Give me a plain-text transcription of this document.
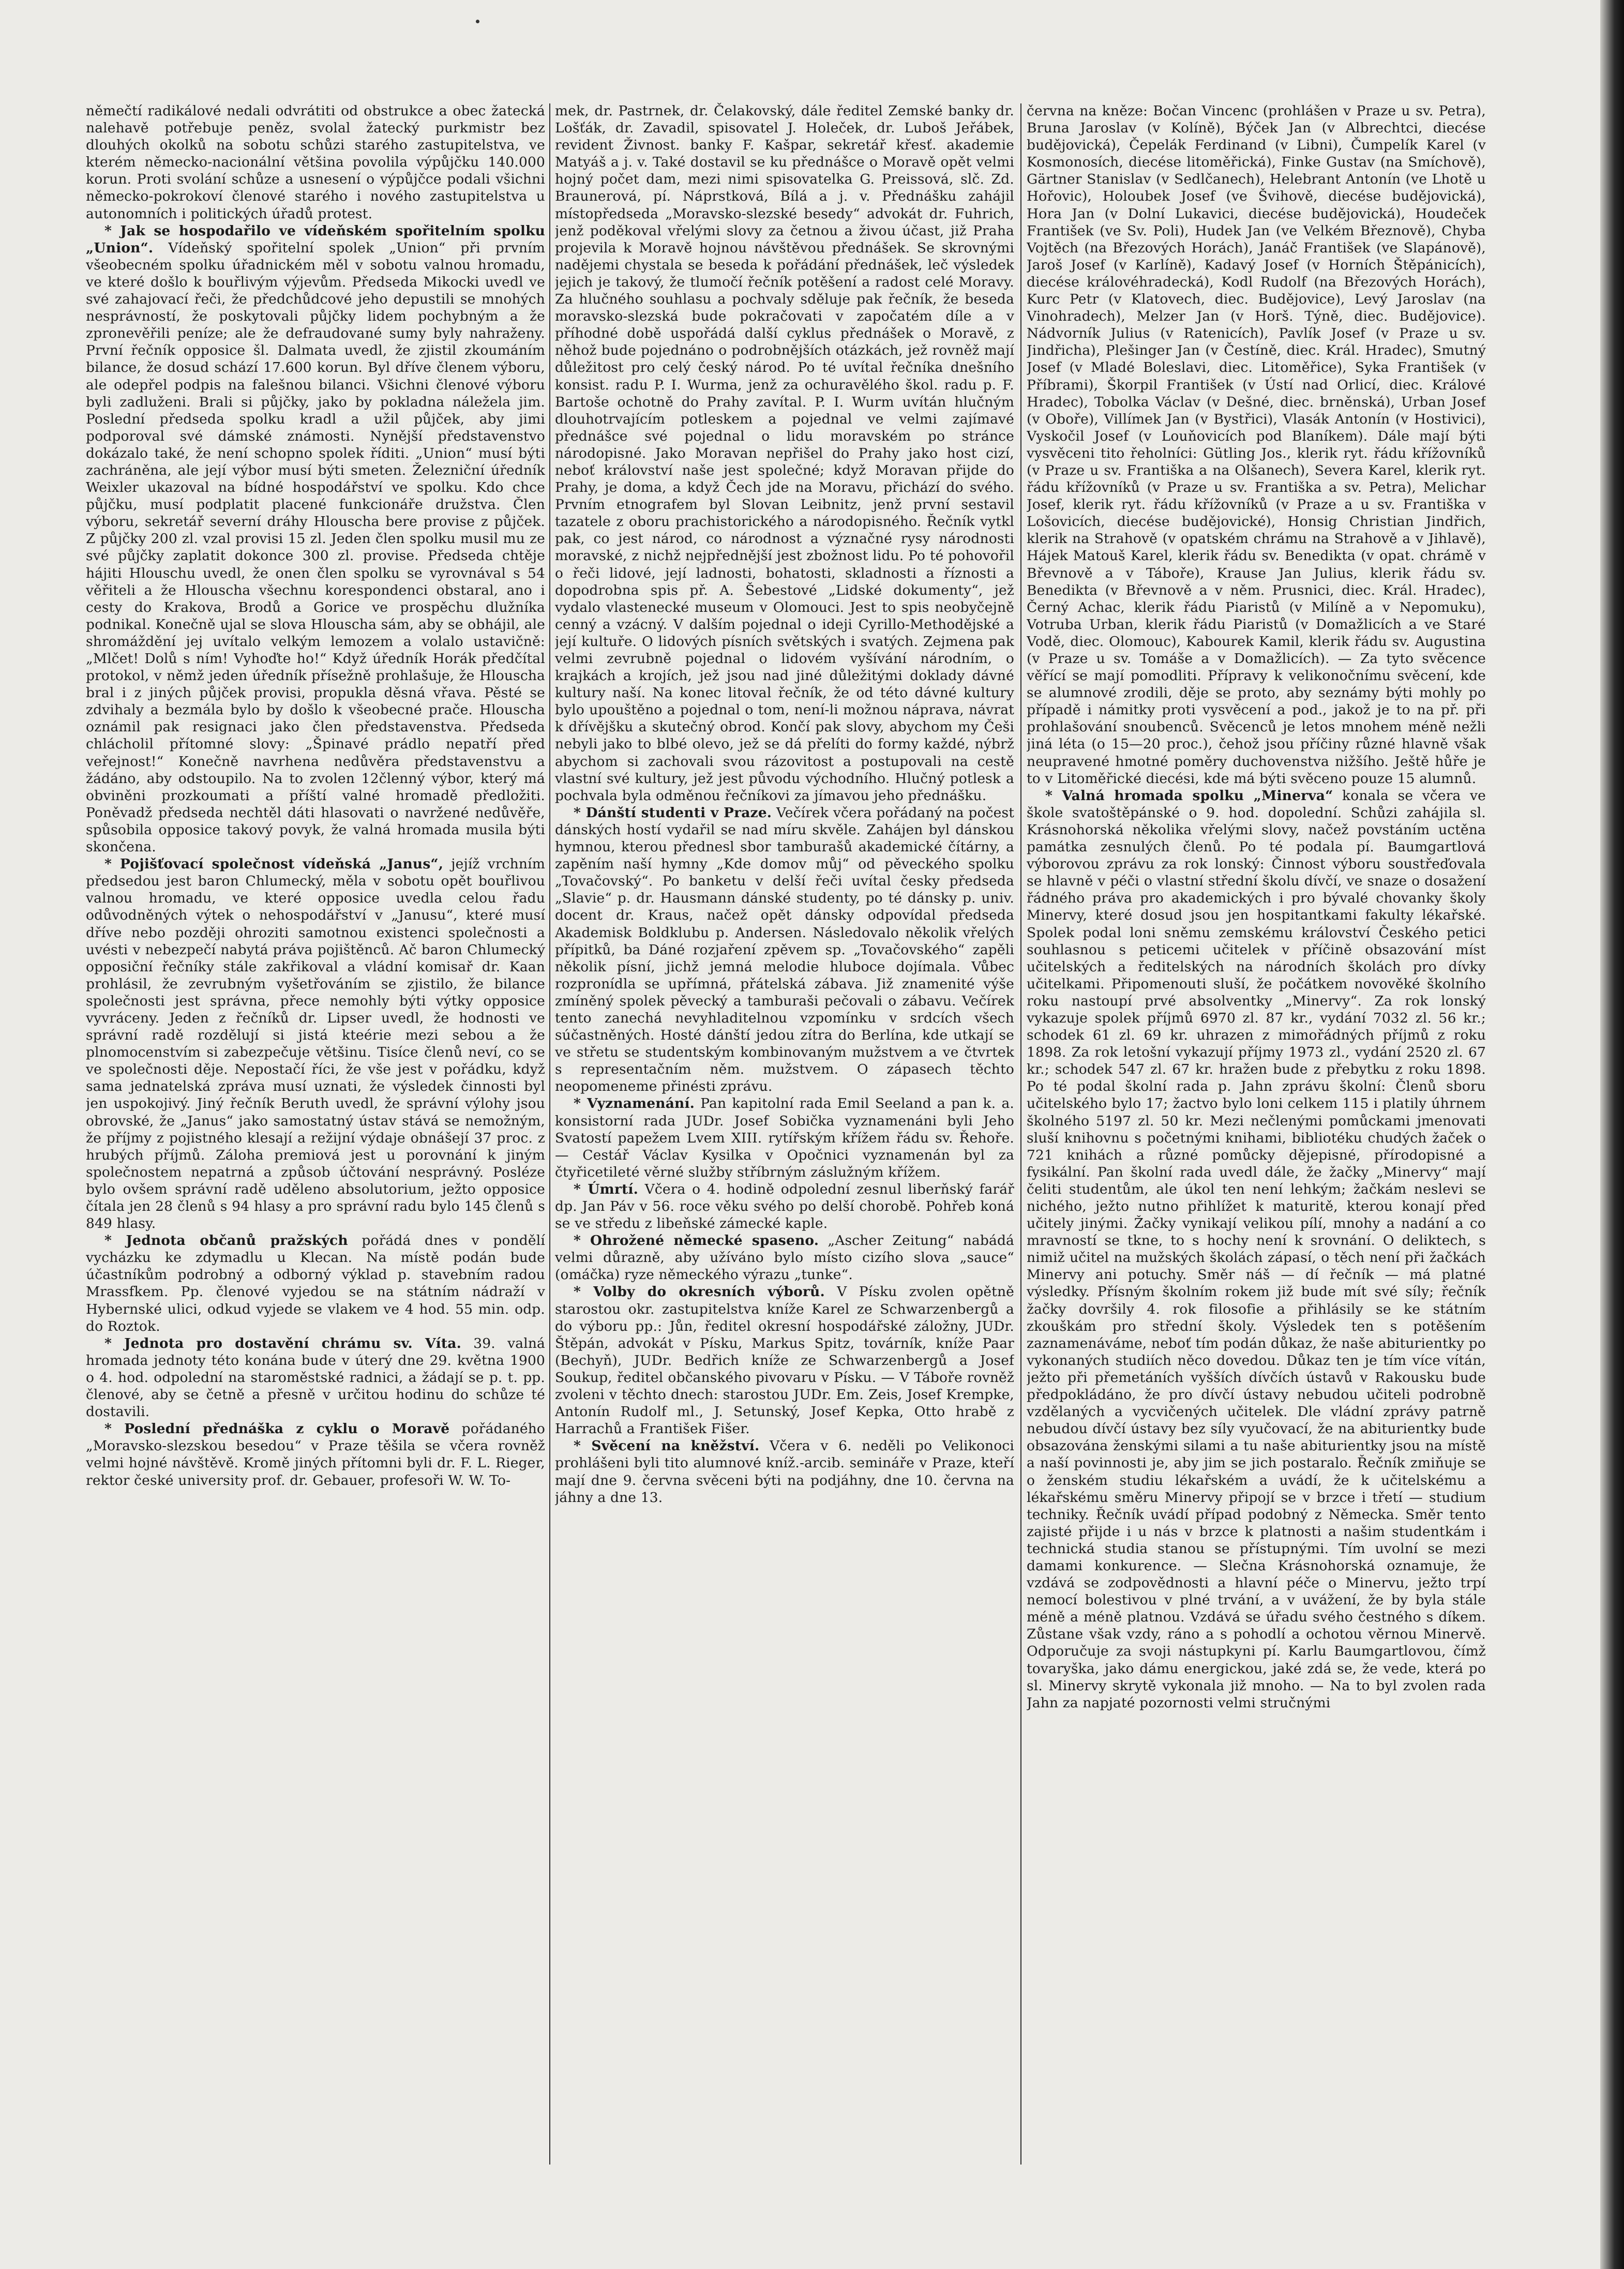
němečtí radikálové nedali odvrátiti od obstrukce a obec žatecká nalehavě potřebuje peněz, svolal žatecký purkmistr bez dlouhých okolků na sobotu schůzi starého zastupitelstva, ve kterém německo-nacionální většina povolila výpůjčku 140.000 korun. Proti svolání schůze a usnesení o výpůjčce podali všichni německo-pokrokoví členové starého i nového zastupitelstva u autonomních i politických úřadů protest.

* Jak se hospodařilo ve vídeňském spořitelním spolku „Union“. Vídeňský spořitelní spolek „Union“ při prvním všeobecném spolku úřadnickém měl v sobotu valnou hromadu, ve které došlo k bouřlivým výjevům. Předseda Mikocki uvedl ve své zahajovací řeči, že předchůdcové jeho depustili se mnohých nesprávností, že poskytovali půjčky lidem pochybným a že zpronevěřili peníze; ale že defraudované sumy byly nahraženy. První řečník opposice šl. Dalmata uvedl, že zjistil zkoumáním bilance, že dosud schází 17.600 korun. Byl dříve členem výboru, ale odepřel podpis na falešnou bilanci. Všichni členové výboru byli zadluženi. Brali si půjčky, jako by pokladna náležela jim. Poslední předseda spolku kradl a užil půjček, aby jimi podporoval své dámské známosti. Nynější představenstvo dokázalo také, že není schopno spolek říditi. „Union“ musí býti zachráněna, ale její výbor musí býti smeten. Železniční úředník Weixler ukazoval na bídné hospodářství ve spolku. Kdo chce půjčku, musí podplatit placené funkcionáře družstva. Člen výboru, sekretář severní dráhy Hlouscha bere provise z půjček. Z půjčky 200 zl. vzal provisi 15 zl. Jeden člen spolku musil mu ze své půjčky zaplatit dokonce 300 zl. provise. Předseda chtěje hájiti Hlouschu uvedl, že onen člen spolku se vyrovnával s 54 věřiteli a že Hlouscha všechnu korespondenci obstaral, ano i cesty do Krakova, Brodů a Gorice ve prospěchu dlužníka podnikal. Konečně ujal se slova Hlouscha sám, aby se obhájil, ale shromáždění jej uvítalo velkým lemozem a volalo ustavičně: „Mlčet! Dolů s ním! Vyhoďte ho!“ Když úředník Horák předčítal protokol, v němž jeden úředník přísežně prohlašuje, že Hlouscha bral i z jiných půjček provisi, propukla děsná vřava. Pěsté se zdvihaly a bezmála bylo by došlo k všeobecné prače. Hlouscha oznámil pak resignaci jako člen představenstva. Předseda chlácholil přítomné slovy: „Špinavé prádlo nepatří před veřejnost!“ Konečně navrhena nedůvěra představenstvu a žádáno, aby odstoupilo. Na to zvolen 12členný výbor, který má obviněni prozkoumati a příští valné hromadě předložiti. Poněvadž předseda nechtěl dáti hlasovati o navržené nedůvěře, spůsobila opposice takový povyk, že valná hromada musila býti skončena.

* Pojišťovací společnost vídeňská „Janus“, jejíž vrchním předsedou jest baron Chlumecký, měla v sobotu opět bouřlivou valnou hromadu, ve které opposice uvedla celou řadu odůvodněných výtek o nehospodářství v „Janusu“, které musí dříve nebo později ohroziti samotnou existenci společnosti a uvésti v nebezpečí nabytá práva pojištěnců. Ač baron Chlumecký opposiční řečníky stále zakřikoval a vládní komisař dr. Kaan prohlásil, že zevrubným vyšetřováním se zjistilo, že bilance společnosti jest správna, přece nemohly býti výtky opposice vyvráceny. Jeden z řečníků dr. Lipser uvedl, že hodnosti ve správní radě rozdělují si jistá kteérie mezi sebou a že plnomocenstvím si zabezpečuje většinu. Tisíce členů neví, co se ve společnosti děje. Nepostačí říci, že vše jest v pořádku, když sama jednatelská zpráva musí uznati, že výsledek činnosti byl jen uspokojivý. Jiný řečník Beruth uvedl, že správní výlohy jsou obrovské, že „Janus“ jako samostatný ústav stává se nemožným, že příjmy z pojistného klesají a režijní výdaje obnášejí 37 proc. z hrubých příjmů. Záloha premiová jest u porovnání k jiným společnostem nepatrná a způsob účtování nesprávný. Posléze bylo ovšem správní radě uděleno absolutorium, ježto opposice čítala jen 28 členů s 94 hlasy a pro správní radu bylo 145 členů s 849 hlasy.

* Jednota občanů pražských pořádá dnes v pondělí vycházku ke zdymadlu u Klecan. Na místě podán bude účastníkům podrobný a odborný výklad p. stavebním radou Mrassfkem. Pp. členové vyjedou se na státním nádraží v Hybernské ulici, odkud vyjede se vlakem ve 4 hod. 55 min. odp. do Roztok.

* Jednota pro dostavění chrámu sv. Víta. 39. valná hromada jednoty této konána bude v úterý dne 29. května 1900 o 4. hod. odpolední na staroměstské radnici, a žádají se p. t. pp. členové, aby se četně a přesně v určitou hodinu do schůze té dostavili.

* Poslední přednáška z cyklu o Moravě pořádaného „Moravsko-slezskou besedou“ v Praze těšila se včera rovněž velmi hojné návštěvě. Kromě jiných přítomni byli dr. F. L. Rieger, rektor české university prof. dr. Gebauer, profesoři W. W. To-

mek, dr. Pastrnek, dr. Čelakovský, dále ředitel Zemské banky dr. Lošťák, dr. Zavadil, spisovatel J. Holeček, dr. Luboš Jeřábek, revident Živnost. banky F. Kašpar, sekretář křesť. akademie Matyáš a j. v. Také dostavil se ku přednášce o Moravě opět velmi hojný počet dam, mezi nimi spisovatelka G. Preissová, slč. Zd. Braunerová, pí. Náprstková, Bílá a j. v. Přednášku zahájil místopředseda „Moravsko-slezské besedy“ advokát dr. Fuhrich, jenž poděkoval vřelými slovy za četnou a živou účast, již Praha projevila k Moravě hojnou návštěvou přednášek. Se skrovnými nadějemi chystala se beseda k pořádání přednášek, leč výsledek jejich je takový, že tlumočí řečník potěšení a radost celé Moravy. Za hlučného souhlasu a pochvaly sděluje pak řečník, že beseda moravsko-slezská bude pokračovati v započatém díle a v příhodné době uspořádá další cyklus přednášek o Moravě, z něhož bude pojednáno o podrobnějších otázkách, jež rovněž mají důležitost pro celý český národ. Po té uvítal řečníka dnešního konsist. radu P. I. Wurma, jenž za ochuravělého škol. radu p. F. Bartoše ochotně do Prahy zavítal. P. I. Wurm uvítán hlučným dlouhotrvajícím potleskem a pojednal ve velmi zajímavé přednášce své pojednal o lidu moravském po stránce národopisné. Jako Moravan nepřišel do Prahy jako host cizí, neboť království naše jest společné; když Moravan přijde do Prahy, je doma, a když Čech jde na Moravu, přichází do svého. Prvním etnografem byl Slovan Leibnitz, jenž první sestavil tazatele z oboru prachistorického a národopisného. Řečník vytkl pak, co jest národ, co národnost a význačné rysy národnosti moravské, z nichž nejpřednější jest zbožnost lidu. Po té pohovořil o řeči lidové, její ladnosti, bohatosti, skladnosti a říznosti a dopodrobna spis př. A. Šebestové „Lidské dokumenty“, jež vydalo vlastenecké museum v Olomouci. Jest to spis neobyčejně cenný a vzácný. V dalším pojednal o ideji Cyrillo-Methodějské a její kultuře. O lidových písních světských i svatých. Zejmena pak velmi zevrubně pojednal o lidovém vyšívání národním, o krajkách a krojích, jež jsou nad jiné důležitými doklady dávné kultury naší. Na konec litoval řečník, že od této dávné kultury bylo upouštěno a pojednal o tom, není-li možnou náprava, návrat k dřívějšku a skutečný obrod. Končí pak slovy, abychom my Češi nebyli jako to blbé olevo, jež se dá přelíti do formy každé, nýbrž abychom si zachovali svou rázovitost a postupovali na cestě vlastní své kultury, jež jest původu východního. Hlučný potlesk a pochvala byla odměnou řečníkovi za jímavou jeho přednášku.

* Dánští studenti v Praze. Večírek včera pořádaný na počest dánských hostí vydařil se nad míru skvěle. Zahájen byl dánskou hymnou, kterou přednesl sbor tamburašů akademické čítárny, a zapěním naší hymny „Kde domov můj“ od pěveckého spolku „Tovačovský“. Po banketu v delší řeči uvítal česky předseda „Slavie“ p. dr. Hausmann dánské studenty, po té dánsky p. univ. docent dr. Kraus, načež opět dánsky odpovídal předseda Akademisk Boldklubu p. Andersen. Následovalo několik vřelých přípitků, ba Dáné rozjaření zpěvem sp. „Tovačovského“ zapěli několik písní, jichž jemná melodie hluboce dojímala. Vůbec rozpronídla se upřímná, přátelská zábava. Již znamenité výše zmíněný spolek pěvecký a tamburaši pečovali o zábavu. Večírek tento zanechá nevyhladitelnou vzpomínku v srdcích všech súčastněných. Hosté dánští jedou zítra do Berlína, kde utkají se ve střetu se studentským kombinovaným mužstvem a ve čtvrtek s representačním něm. mužstvem. O zápasech těchto neopomeneme přinésti zprávu.

* Vyznamenání. Pan kapitolní rada Emil Seeland a pan k. a. konsistorní rada JUDr. Josef Sobička vyznamenáni byli Jeho Svatostí papežem Lvem XIII. rytířským křížem řádu sv. Řehoře. — Cestář Václav Kysilka v Opočnici vyznamenán byl za čtyřicetileté věrné služby stříbrným záslužným křížem.

* Úmrtí. Včera o 4. hodině odpolední zesnul liberňský farář dp. Jan Páv v 56. roce věku svého po delší chorobě. Pohřeb koná se ve středu z libeňské zámecké kaple.

* Ohrožené německé spaseno. „Ascher Zeitung“ nabádá velmi důrazně, aby užíváno bylo místo cizího slova „sauce“ (omáčka) ryze německého výrazu „tunke“.

* Volby do okresních výborů. V Písku zvolen opětně starostou okr. zastupitelstva kníže Karel ze Schwarzenbergů a do výboru pp.: Jůn, ředitel okresní hospodářské záložny, JUDr. Štěpán, advokát v Písku, Markus Spitz, továrník, kníže Paar (Bechyň), JUDr. Bedřich kníže ze Schwarzenbergů a Josef Soukup, ředitel občanského pivovaru v Písku. — V Táboře rovněž zvoleni v těchto dnech: starostou JUDr. Em. Zeis, Josef Krempke, Antonín Rudolf ml., J. Setunský, Josef Kepka, Otto hrabě z Harrachů a František Fišer.

* Svěcení na kněžství. Včera v 6. neděli po Velikonoci prohlášeni byli tito alumnové kníž.-arcib. semináře v Praze, kteří mají dne 9. června svěceni býti na podjáhny, dne 10. června na jáhny a dne 13.

června na kněze: Bočan Vincenc (prohlášen v Praze u sv. Petra), Bruna Jaroslav (v Kolíně), Býček Jan (v Albrechtci, diecése budějovická), Čepelák Ferdinand (v Libni), Čumpelík Karel (v Kosmonosích, diecése litoměřická), Finke Gustav (na Smíchově), Gärtner Stanislav (v Sedlčanech), Helebrant Antonín (ve Lhotě u Hořovic), Holoubek Josef (ve Švihově, diecése budějovická), Hora Jan (v Dolní Lukavici, diecése budějovická), Houdeček František (ve Sv. Poli), Hudek Jan (ve Velkém Březnově), Chyba Vojtěch (na Březových Horách), Janáč František (ve Slapánově), Jaroš Josef (v Karlíně), Kadavý Josef (v Horních Štěpánicích), diecése královéhradecká), Kodl Rudolf (na Březových Horách), Kurc Petr (v Klatovech, diec. Budějovice), Levý Jaroslav (na Vinohradech), Melzer Jan (v Horš. Týně, diec. Budějovice). Nádvorník Julius (v Ratenicích), Pavlík Josef (v Praze u sv. Jindřicha), Plešinger Jan (v Čestíně, diec. Král. Hradec), Smutný Josef (v Mladé Boleslavi, diec. Litoměřice), Syka František (v Příbrami), Škorpil František (v Ústí nad Orlicí, diec. Králové Hradec), Tobolka Václav (v Dešné, diec. brněnská), Urban Josef (v Oboře), Villímek Jan (v Bystřici), Vlasák Antonín (v Hostivici), Vyskočil Josef (v Louňovicích pod Blaníkem). Dále mají býti vysvěceni tito řeholníci: Gütling Jos., klerik ryt. řádu křížovníků (v Praze u sv. Františka a na Olšanech), Severa Karel, klerik ryt. řádu křížovníků (v Praze u sv. Františka a sv. Petra), Melichar Josef, klerik ryt. řádu křížovníků (v Praze a u sv. Františka v Lošovicích, diecése budějovické), Honsig Christian Jindřich, klerik na Strahově (v opatském chrámu na Strahově a v Jihlavě), Hájek Matouš Karel, klerik řádu sv. Benedikta (v opat. chrámě v Břevnově a v Táboře), Krause Jan Julius, klerik řádu sv. Benedikta (v Břevnově a v něm. Prusnici, diec. Král. Hradec), Černý Achac, klerik řádu Piaristů (v Milíně a v Nepomuku), Votruba Urban, klerik řádu Piaristů (v Domažlicích a ve Staré Vodě, diec. Olomouc), Kabourek Kamil, klerik řádu sv. Augustina (v Praze u sv. Tomáše a v Domažlicích). — Za tyto svěcence věřící se mají pomodliti. Přípravy k velikonočnímu svěcení, kde se alumnové zrodili, děje se proto, aby seznámy býti mohly po případě i námitky proti vysvěcení a pod., jakož je to na př. při prohlašování snoubenců. Svěcenců je letos mnohem méně nežli jiná léta (o 15—20 proc.), čehož jsou příčiny různé hlavně však neupravené hmotné poměry duchovenstva nižšího. Ještě hůře je to v Litoměřické diecési, kde má býti svěceno pouze 15 alumnů.

* Valná hromada spolku „Minerva“ konala se včera ve škole svatoštěpánské o 9. hod. dopolední. Schůzi zahájila sl. Krásnohorská několika vřelými slovy, načež povstáním uctěna památka zesnulých členů. Po té podala pí. Baumgartlová výborovou zprávu za rok lonský: Činnost výboru soustřeďovala se hlavně v péči o vlastní střední školu dívčí, ve snaze o dosažení řádného práva pro akademických i pro bývalé chovanky školy Minervy, které dosud jsou jen hospitantkami fakulty lékařské. Spolek podal loni sněmu zemskému království Českého petici souhlasnou s peticemi učitelek v příčině obsazování míst učitelských a ředitelských na národních školách pro dívky učitelkami. Připomenouti sluší, že počátkem novověké školního roku nastoupí prvé absolventky „Minervy“. Za rok lonský vykazuje spolek příjmů 6970 zl. 87 kr., vydání 7032 zl. 56 kr.; schodek 61 zl. 69 kr. uhrazen z mimořádných příjmů z roku 1898. Za rok letošní vykazují příjmy 1973 zl., vydání 2520 zl. 67 kr.; schodek 547 zl. 67 kr. hražen bude z přebytku z roku 1898. Po té podal školní rada p. Jahn zprávu školní: Členů sboru učitelského bylo 17; žactvo bylo loni celkem 115 i platily úhrnem školného 5197 zl. 50 kr. Mezi nečlenými pomůckami jmenovati sluší knihovnu s početnými knihami, bibliotéku chudých žaček o 721 knihách a různé pomůcky dějepisné, přírodopisné a fysikální. Pan školní rada uvedl dále, že žačky „Minervy“ mají čeliti studentům, ale úkol ten není lehkým; žačkám neslevi se nichého, ježto nutno přihlížet k maturitě, kterou konají před učitely jinými. Žačky vynikají velikou pílí, mnohy a nadání a co mravností se tkne, to s hochy není k srovnání. O deliktech, s nimiž učitel na mužských školách zápasí, o těch není při žačkách Minervy ani potuchy. Směr náš — dí řečník — má platné výsledky. Přísným školním rokem již bude mít své síly; řečník žačky dovršily 4. rok filosofie a přihlásily se ke státním zkouškám pro střední školy. Výsledek ten s potěšením zaznamenáváme, neboť tím podán důkaz, že naše abiturientky po vykonaných studiích něco dovedou. Důkaz ten je tím více vítán, ježto při přemetáních vyšších dívčích ústavů v Rakousku bude předpokládáno, že pro dívčí ústavy nebudou učiteli podrobně vzdělaných a vycvičených učitelek. Dle vládní zprávy patrně nebudou dívčí ústavy bez síly vyučovací, že na abiturientky bude obsazována ženskými silami a tu naše abiturientky jsou na místě a naší povinnosti je, aby jim se jich postaralo. Řečník zmiňuje se o ženském studiu lékařském a uvádí, že k učitelskému a lékařskému směru Minervy připojí se v brzce i třetí — studium techniky. Řečník uvádí případ podobný z Německa. Směr tento zajisté přijde i u nás v brzce k platnosti a našim studentkám i technická studia stanou se přístupnými. Tím uvolní se mezi damami konkurence. — Slečna Krásnohorská oznamuje, že vzdává se zodpovědnosti a hlavní péče o Minervu, ježto trpí nemocí bolestivou v plné trvání, a v uvážení, že by byla stále méně a méně platnou. Vzdává se úřadu svého čestného s díkem. Zůstane však vzdy, ráno a s pohodlí a ochotou věrnou Minervě. Odporučuje za svoji nástupkyni pí. Karlu Baumgartlovou, čímž tovaryška, jako dámu energickou, jaké zdá se, že vede, která po sl. Minervy skrytě vykonala již mnoho. — Na to byl zvolen rada Jahn za napjaté pozornosti velmi stručnými
